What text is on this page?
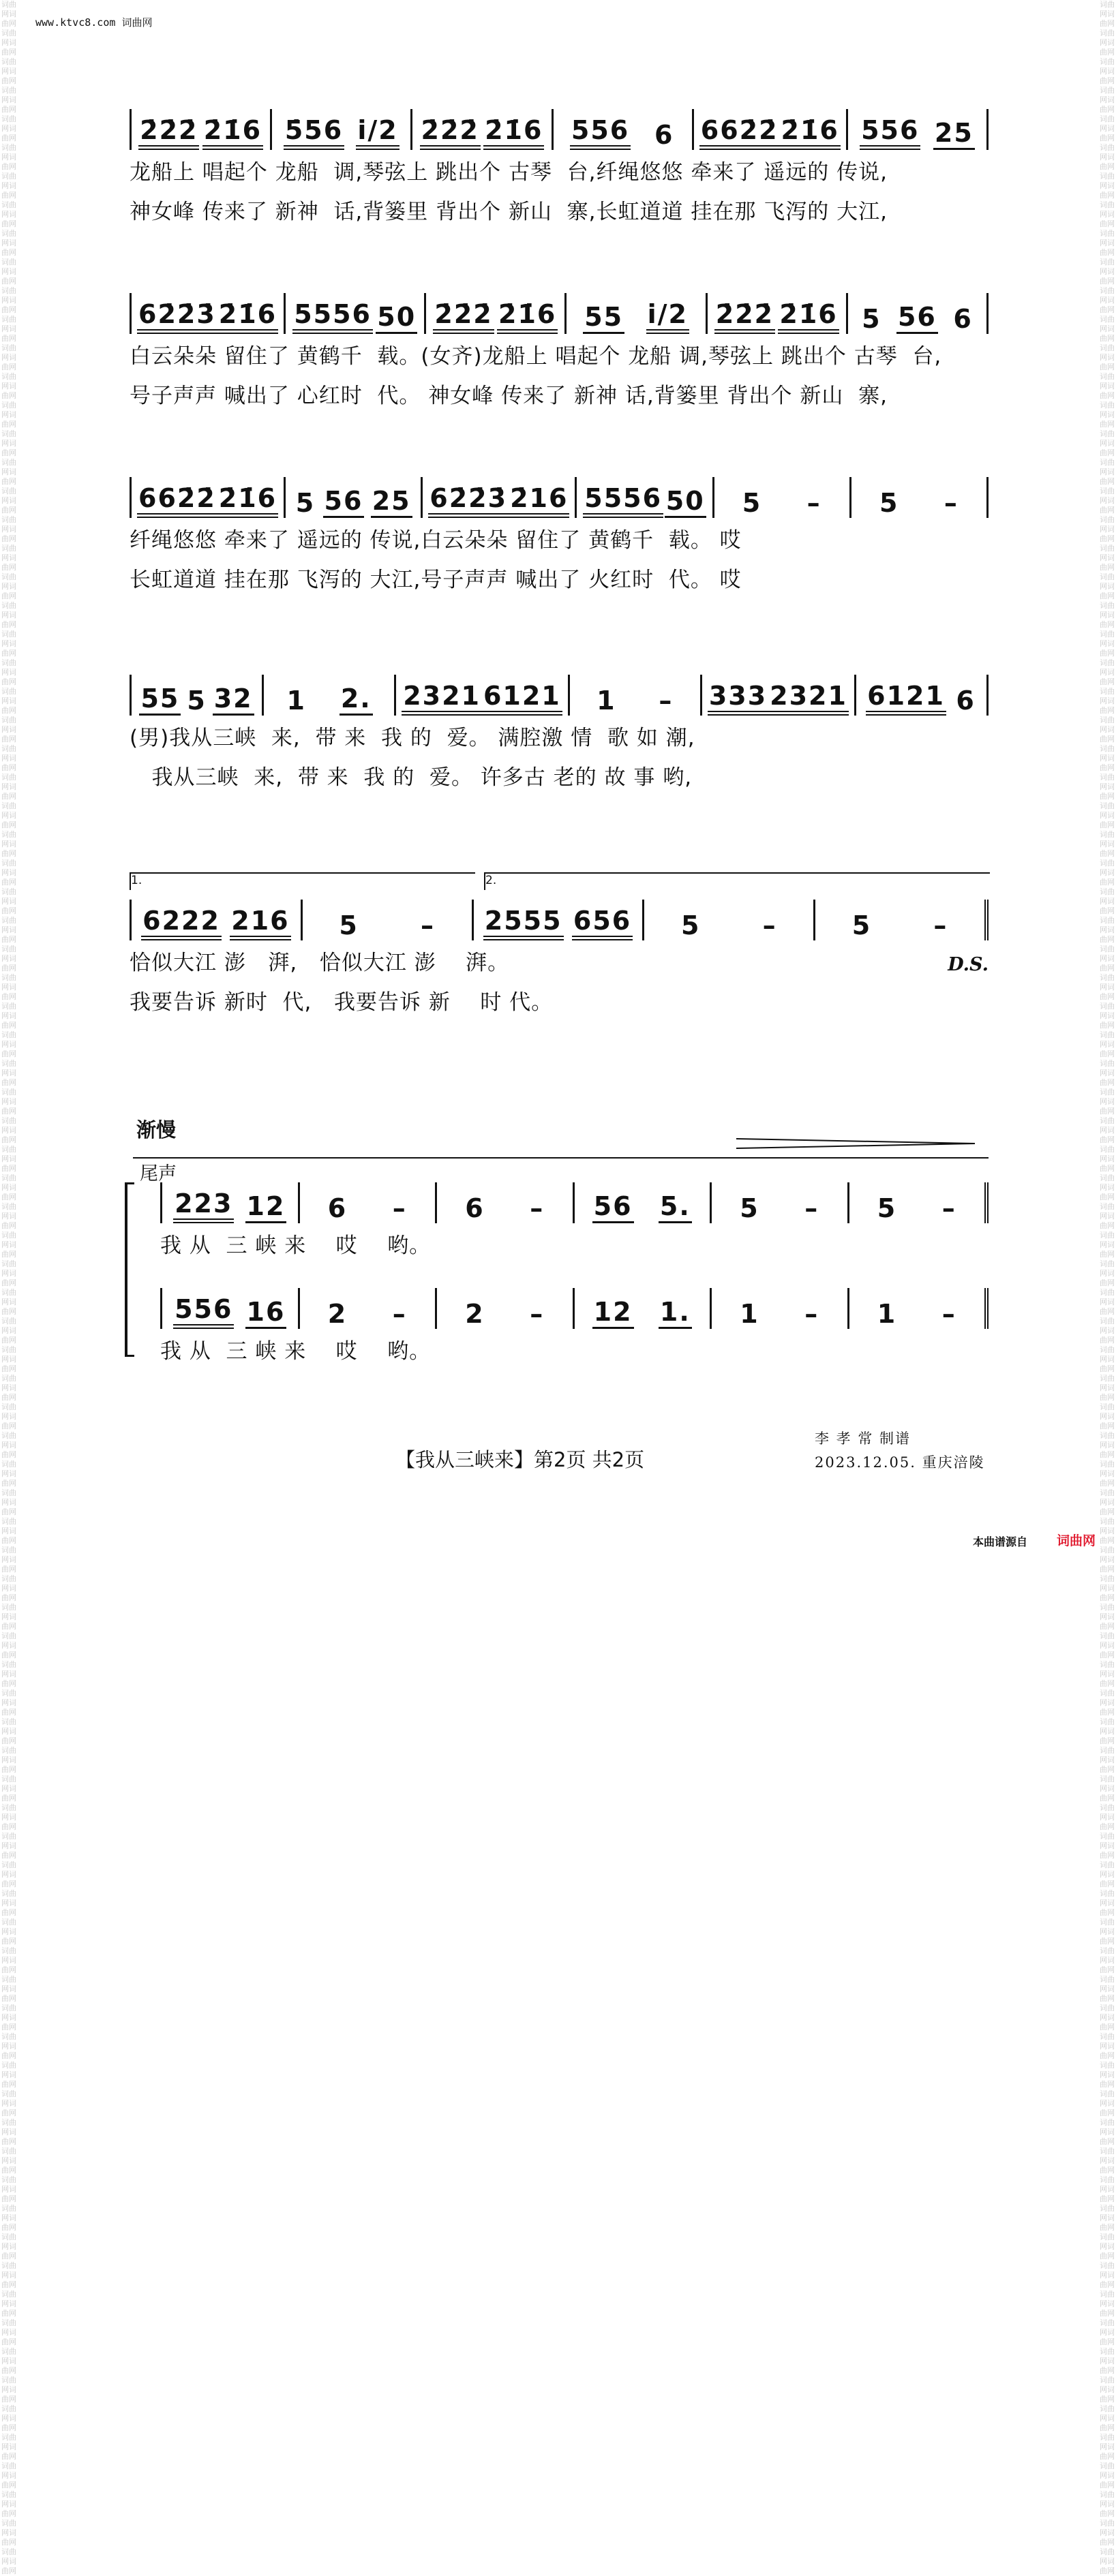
www.ktvc8.com 词曲网
词曲网词曲网词曲网词曲网词曲网词曲网词曲网词曲网词曲网词曲网词曲网词曲网词曲网词曲网词曲网词曲网词曲网词曲网词曲网词曲网词曲网词曲网词曲网词曲网词曲网词曲网词曲网词曲网词曲网词曲网词曲网词曲网词曲网词曲网词曲网词曲网词曲网词曲网词曲网词曲网词曲网词曲网词曲网词曲网词曲网词曲网词曲网词曲网词曲网词曲网词曲网词曲网词曲网词曲网词曲网词曲网词曲网词曲网词曲网词曲网词曲网词曲网词曲网词曲网词曲网词曲网词曲网词曲网词曲网词曲网词曲网词曲网词曲网词曲网词曲网词曲网词曲网词曲网词曲网词曲网词曲网词曲网词曲网词曲网词曲网词曲网词曲网词曲网词曲网词曲网词曲网词曲网词曲网词曲网词曲网词曲网词曲网词曲网词曲网词曲网词曲网词曲网词曲网词曲网词曲网词曲网词曲网词曲网词曲网词曲网词曲网词曲网词曲网词曲网词曲网词曲网词曲网词曲网词曲网词曲网词曲网词曲网词曲网词曲网词曲网词曲网词曲网词曲网词曲网词曲网词曲网词曲网词曲网词曲网词曲网词曲网词曲网词曲网词曲网词曲网词曲网词曲网词曲网词曲网词曲网词曲网词曲网词曲网词曲网词曲网词曲网词曲网词曲网词曲网词曲网词曲网词曲网词曲网词曲网词曲网词曲网词曲网词曲网词曲网词曲网词曲网词曲网词曲网词曲网词曲网词曲网词曲网词曲网词曲网词曲网词曲网词曲网词曲网词曲网词曲网
词曲网词曲网词曲网词曲网词曲网词曲网词曲网词曲网词曲网词曲网词曲网词曲网词曲网词曲网词曲网词曲网词曲网词曲网词曲网词曲网词曲网词曲网词曲网词曲网词曲网词曲网词曲网词曲网词曲网词曲网词曲网词曲网词曲网词曲网词曲网词曲网词曲网词曲网词曲网词曲网词曲网词曲网词曲网词曲网词曲网词曲网词曲网词曲网词曲网词曲网词曲网词曲网词曲网词曲网词曲网词曲网词曲网词曲网词曲网词曲网词曲网词曲网词曲网词曲网词曲网词曲网词曲网词曲网词曲网词曲网词曲网词曲网词曲网词曲网词曲网词曲网词曲网词曲网词曲网词曲网词曲网词曲网词曲网词曲网词曲网词曲网词曲网词曲网词曲网词曲网词曲网词曲网词曲网词曲网词曲网词曲网词曲网词曲网词曲网词曲网词曲网词曲网词曲网词曲网词曲网词曲网词曲网词曲网词曲网词曲网词曲网词曲网词曲网词曲网词曲网词曲网词曲网词曲网词曲网词曲网词曲网词曲网词曲网词曲网词曲网词曲网词曲网词曲网词曲网词曲网词曲网词曲网词曲网词曲网词曲网词曲网词曲网词曲网词曲网词曲网词曲网词曲网词曲网词曲网词曲网词曲网词曲网词曲网词曲网词曲网词曲网词曲网词曲网词曲网词曲网词曲网词曲网词曲网词曲网词曲网词曲网词曲网词曲网词曲网词曲网词曲网词曲网词曲网词曲网词曲网词曲网词曲网词曲网词曲网词曲网词曲网词曲网词曲网词曲网词曲网
2̇2̇2̇ 2̇1̇6 5̇56 i/2 2̇2̇2̇ 2̇1̇6 556 6 662̇2̇ 2̇1̇6 556 25
龙船上 唱起个 龙船  调,琴弦上 跳出个 古琴  台,纤绳悠悠 牵来了 遥远的 传说,
神女峰 传来了 新神  话,背篓里 背出个 新山  寨,长虹道道 挂在那 飞泻的 大江,
62̇2̇3̇ 2̇1̇6 5556 50 2̇2̇2̇ 2̇1̇6 55 i/2 2̇2̇2̇ 2̇1̇6 5 56 6
白云朵朵 留住了 黄鹤千  载。(女齐)龙船上 唱起个 龙船 调,琴弦上 跳出个 古琴  台,
号子声声 喊出了 心红时  代。 神女峰 传来了 新神 话,背篓里 背出个 新山  寨,
662̇2̇ 2̇1̇6 5 56 25 62̇2̇3̇ 2̇16 5556 50 5 – 5 –
纤绳悠悠 牵来了 遥远的 传说,白云朵朵 留住了 黄鹤千  载。 哎
长虹道道 挂在那 飞泻的 大江,号子声声 喊出了 火红时  代。 哎
55 5 32 1 2. 2321 6121 1 – 333 2321 6121 6
(男)我从三峡  来,  带 来  我 的  爱。 满腔激 情  歌 如 潮,
我从三峡  来,  带 来  我 的  爱。 许多古 老的 故 事 哟,
6222 216 5 – 2555 656 5 –	5 –
恰似大江 澎   湃,   恰似大江 澎    湃。
我要告诉 新时  代,   我要告诉 新    时 代。
1.	2.
D.S.
223 12 6 – 6 – 56 5. 5 – 5 –
我 从  三 峡 来    哎    哟。
556 16 2 – 2 – 12 1. 1 – 1 –
我 从  三 峡 来    哎    哟。
渐慢
尾声
【我从三峡来】第2页 共2页
李 孝 常 制谱
2023.12.05. 重庆涪陵
本曲谱源自 词曲网
